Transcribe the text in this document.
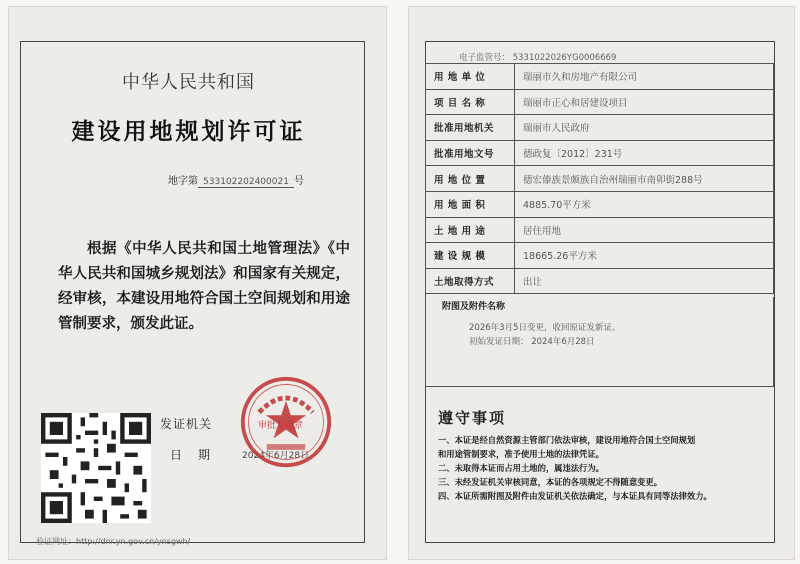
中华人民共和国
建设用地规划许可证
地字第 533102202400021 号

根据《中华人民共和国土地管理法》《中华人民共和国城乡规划法》和国家有关规定，经审核，本建设用地符合国土空间规划和用途管制要求，颁发此证。

发证机关
日 期	2024年6月28日
审批专用章
验证网址：http://dnr.yn.gov.cn/ynsgwh/
电子监管号： 5331022026YG0006669
用 地 单 位	瑞丽市久和房地产有限公司
项 目 名 称	瑞丽市正心和居建设项目
批准用地机关	瑞丽市人民政府
批准用地文号	德政复〔2012〕231号
用 地 位 置	德宏傣族景颇族自治州瑞丽市南卯街288号
用 地 面 积	4885.70平方米
土 地 用 途	居住用地
建 设 规 模	18665.26平方米
土地取得方式	出让
附图及附件名称
2026年3月5日变更，收回原证发新证。
初始发证日期： 2024年6月28日
遵守事项
一、本证是经自然资源主管部门依法审核，建设用地符合国土空间规划
和用途管制要求，准予使用土地的法律凭证。
二、未取得本证而占用土地的，属违法行为。
三、未经发证机关审核同意，本证的各项规定不得随意变更。
四、本证所需附图及附件由发证机关依法确定，与本证具有同等法律效力。
